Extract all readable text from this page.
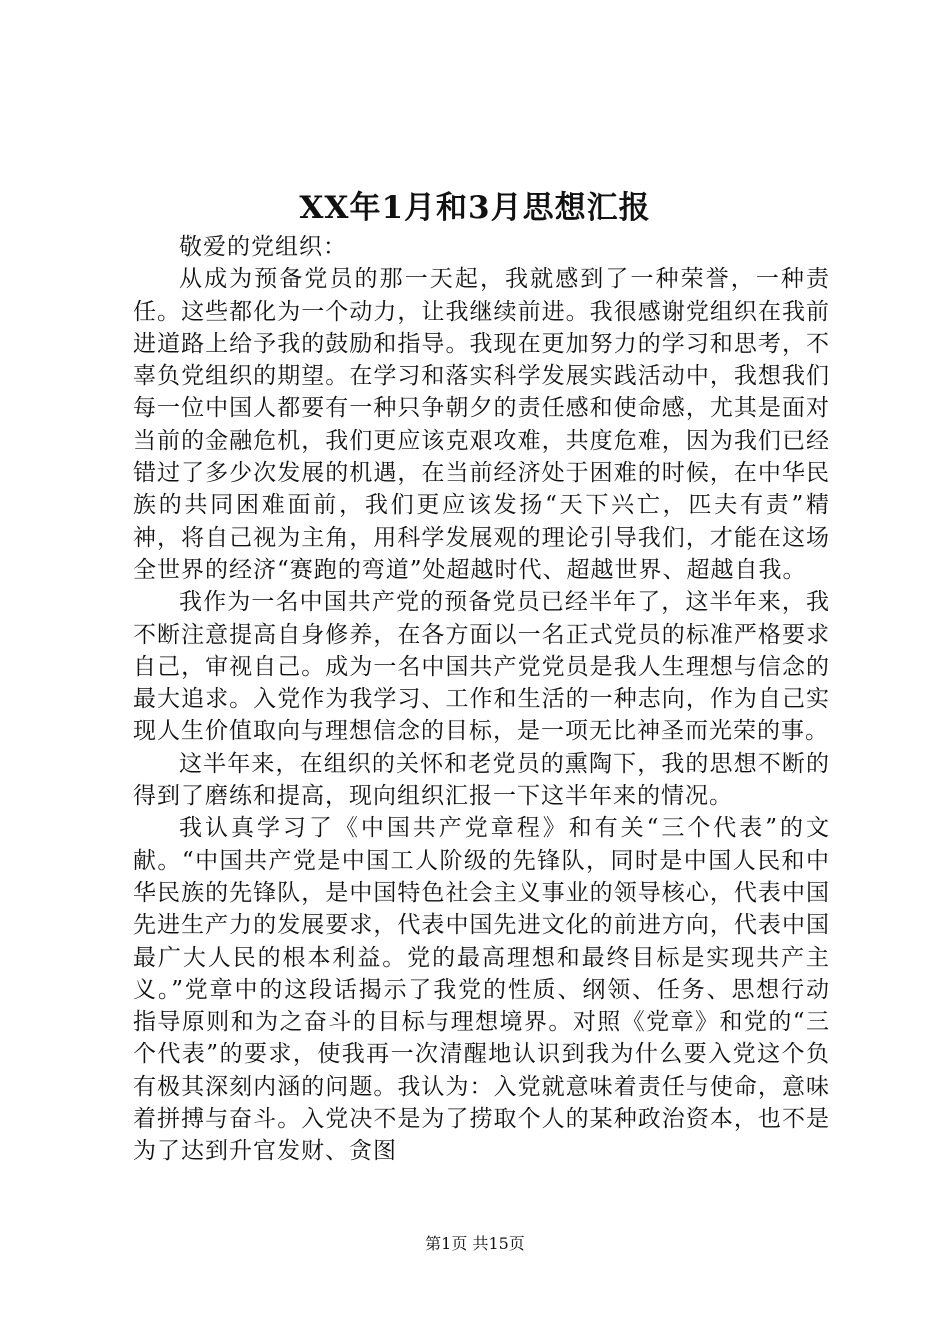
XX年1月和3月思想汇报

敬爱的党组织：

从成为预备党员的那一天起，我就感到了一种荣誉，一种责任。这些都化为一个动力，让我继续前进。我很感谢党组织在我前进道路上给予我的鼓励和指导。我现在更加努力的学习和思考，不辜负党组织的期望。在学习和落实科学发展实践活动中，我想我们每一位中国人都要有一种只争朝夕的责任感和使命感，尤其是面对当前的金融危机，我们更应该克艰攻难，共度危难，因为我们已经错过了多少次发展的机遇，在当前经济处于困难的时候，在中华民族的共同困难面前，我们更应该发扬“天下兴亡，匹夫有责”精神，将自己视为主角，用科学发展观的理论引导我们，才能在这场全世界的经济“赛跑的弯道”处超越时代、超越世界、超越自我。

我作为一名中国共产党的预备党员已经半年了，这半年来，我不断注意提高自身修养，在各方面以一名正式党员的标准严格要求自己，审视自己。成为一名中国共产党党员是我人生理想与信念的最大追求。入党作为我学习、工作和生活的一种志向，作为自己实现人生价值取向与理想信念的目标，是一项无比神圣而光荣的事。

这半年来，在组织的关怀和老党员的熏陶下，我的思想不断的得到了磨练和提高，现向组织汇报一下这半年来的情况。

我认真学习了《中国共产党章程》和有关“三个代表”的文献。“中国共产党是中国工人阶级的先锋队，同时是中国人民和中华民族的先锋队，是中国特色社会主义事业的领导核心，代表中国先进生产力的发展要求，代表中国先进文化的前进方向，代表中国最广大人民的根本利益。党的最高理想和最终目标是实现共产主义。”党章中的这段话揭示了我党的性质、纲领、任务、思想行动指导原则和为之奋斗的目标与理想境界。对照《党章》和党的“三个代表”的要求，使我再一次清醒地认识到我为什么要入党这个负有极其深刻内涵的问题。我认为：入党就意味着责任与使命，意味着拼搏与奋斗。入党决不是为了捞取个人的某种政治资本，也不是为了达到升官发财、贪图

第1页 共15页
